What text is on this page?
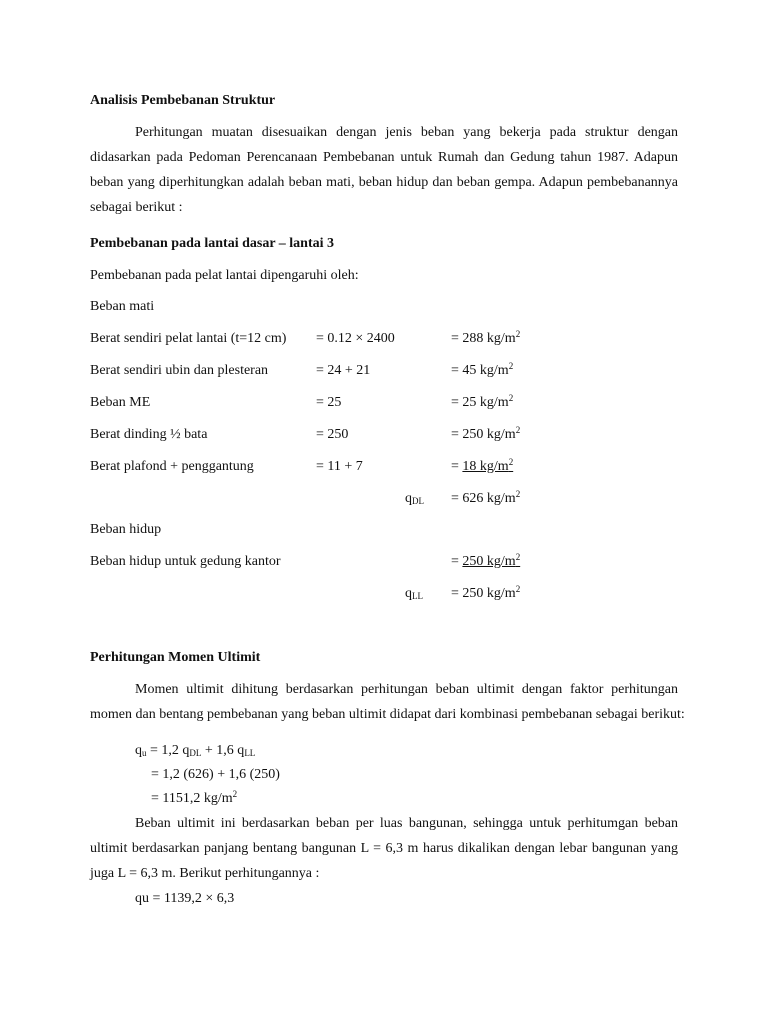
Analisis Pembebanan Struktur
Perhitungan muatan disesuaikan dengan jenis beban yang bekerja pada struktur dengan
didasarkan pada Pedoman Perencanaan Pembebanan untuk Rumah dan Gedung tahun 1987. Adapun
beban yang diperhitungkan adalah beban mati, beban hidup dan beban gempa. Adapun pembebanannya
sebagai berikut :
Pembebanan pada lantai dasar – lantai 3
Pembebanan pada pelat lantai dipengaruhi oleh:
Beban mati
Berat sendiri pelat lantai (t=12 cm) = 0.12 × 2400	= 288 $kg/m^2$
Berat sendiri ubin dan plesteran	= 24 + 21	= 45 $kg/m^2$
Beban ME	= 25	= 25 $kg/m^2$
Berat dinding ½ bata	= 250	= 250 $kg/m^2$
Berat plafond + penggantung	= 11 + 7	= 18 $kg/m^2$
$q_{DL} = 626$ $kg/m^2$
Beban hidup
Beban hidup untuk gedung kantor	= 250 $kg/m^2$
$q_{LL} = 250$ $kg/m^2$
Perhitungan Momen Ultimit
Momen ultimit dihitung berdasarkan perhitungan beban ultimit dengan faktor perhitungan
momen dan bentang pembebanan yang beban ultimit didapat dari kombinasi pembebanan sebagai berikut:
$q_u = 1,2$ $q_{DL} + 1,6$ $q_{LL}$
= 1,2 (626) + 1,6 (250)
= 1151,2 $kg/m^2$
Beban ultimit ini berdasarkan beban per luas bangunan, sehingga untuk perhitumgan beban
ultimit berdasarkan panjang bentang bangunan L = 6,3 m harus dikalikan dengan lebar bangunan yang
juga L = 6,3 m. Berikut perhitungannya :
qu = 1139,2 × 6,3
